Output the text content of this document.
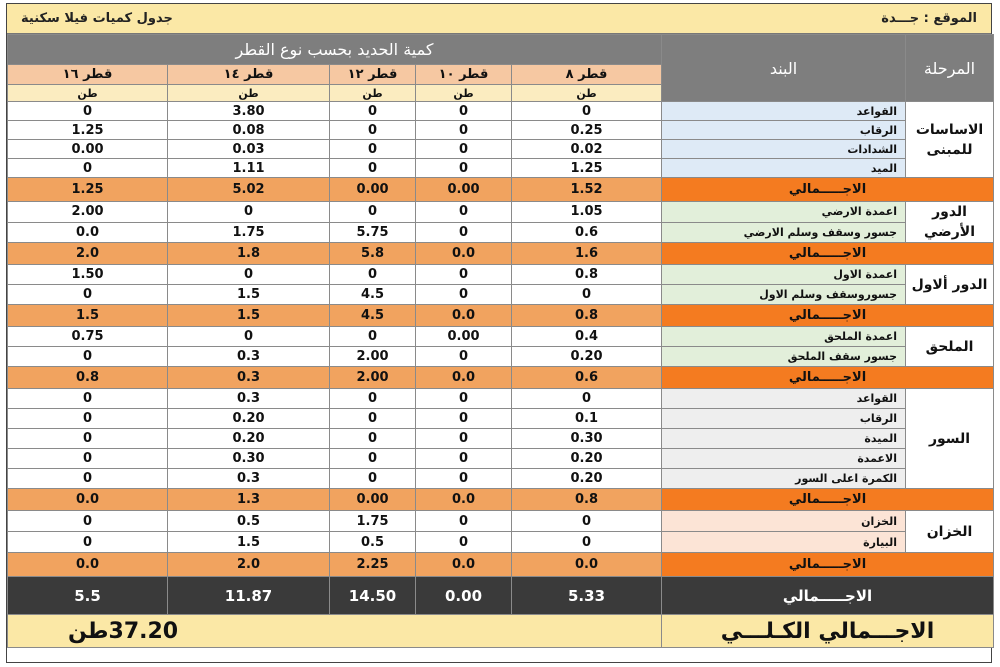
جدول كميات فيلا سكنية	الموقع : جـــدة
المرحلة	البند	كمية الحديد بحسب نوع القطر				
		قطر ٨	قطر ١٠	قطر ١٢	قطر ١٤	قطر ١٦
		طن	طن	طن	طن	طن
الاساسات للمبنى	القواعد	0	0	0	3.80	0
	الرقاب	0.25	0	0	0.08	1.25
	الشدادات	0.02	0	0	0.03	0.00
	الميد	1.25	0	0	1.11	0
الاجـــــمالي		1.52	0.00	0.00	5.02	1.25
الدور الأرضي	اعمدة الارضي	1.05	0	0	0	2.00
	جسور وسقف وسلم الارضي	0.6	0	5.75	1.75	0.0
الاجـــــمالي		1.6	0.0	5.8	1.8	2.0
الدور ألاول	اعمدة الاول	0.8	0	0	0	1.50
	جسوروسقف وسلم الاول	0	0	4.5	1.5	0
الاجـــــمالي		0.8	0.0	4.5	1.5	1.5
الملحق	اعمدة الملحق	0.4	0.00	0	0	0.75
	جسور سقف الملحق	0.20	0	2.00	0.3	0
الاجـــــمالي		0.6	0.0	2.00	0.3	0.8
السور	القواعد	0	0	0	0.3	0
	الرقاب	0.1	0	0	0.20	0
	الميدة	0.30	0	0	0.20	0
	الاعمدة	0.20	0	0	0.30	0
	الكمرة اعلى السور	0.20	0	0	0.3	0
الاجـــــمالي		0.8	0.0	0.00	1.3	0.0
الخزان	الخزان	0	0	1.75	0.5	0
	البيارة	0	0	0.5	1.5	0
الاجـــــمالي		0.0	0.0	2.25	2.0	0.0
الاجـــــمالي		5.33	0.00	14.50	11.87	5.5
الاجـــمالي الكـلـــي		37.20طن				
